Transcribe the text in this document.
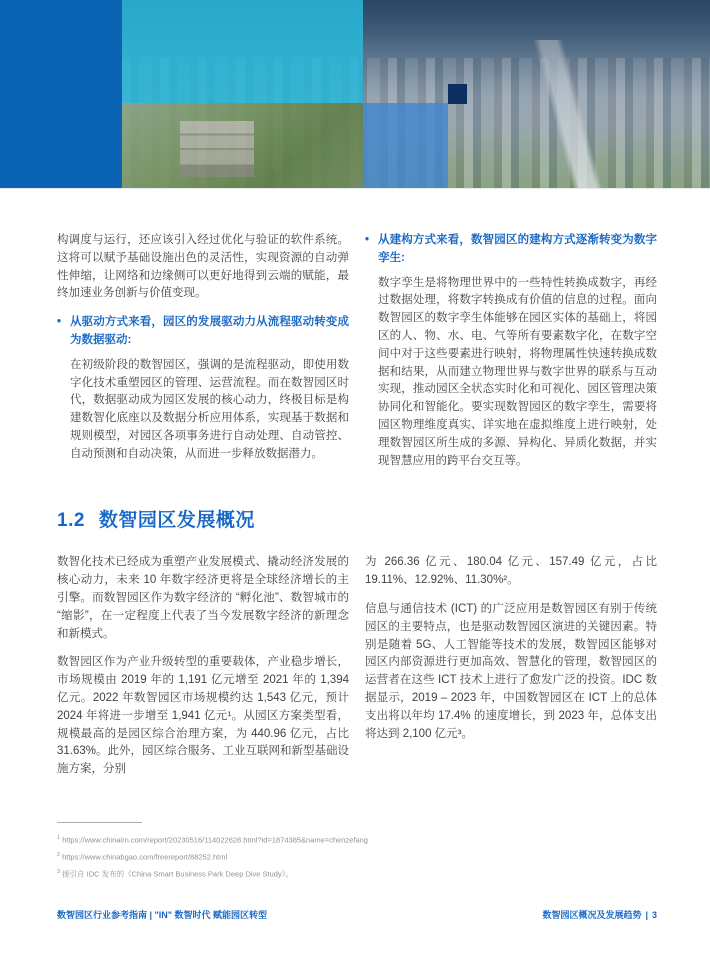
构调度与运行，还应该引入经过优化与验证的软件系统。这将可以赋予基础设施出色的灵活性，实现资源的自动弹性伸缩，让网络和边缘侧可以更好地得到云端的赋能，最终加速业务创新与价值变现。

• 从驱动方式来看，园区的发展驱动力从流程驱动转变成为数据驱动:

在初级阶段的数智园区，强调的是流程驱动，即使用数字化技术重塑园区的管理、运营流程。而在数智园区时代，数据驱动成为园区发展的核心动力，终极目标是构建数智化底座以及数据分析应用体系，实现基于数据和规则模型，对园区各项事务进行自动处理、自动管控、自动预测和自动决策，从而进一步释放数据潜力。

• 从建构方式来看，数智园区的建构方式逐渐转变为数字孪生:

数字孪生是将物理世界中的一些特性转换成数字，再经过数据处理，将数字转换成有价值的信息的过程。面向数智园区的数字孪生体能够在园区实体的基础上，将园区的人、物、水、电、气等所有要素数字化，在数字空间中对于这些要素进行映射，将物理属性快速转换成数据和结果，从而建立物理世界与数字世界的联系与互动实现，推动园区全状态实时化和可视化、园区管理决策协同化和智能化。要实现数智园区的数字孪生，需要将园区物理维度真实、详实地在虚拟维度上进行映射，处理数智园区所生成的多源、异构化、异质化数据，并实现智慧应用的跨平台交互等。

1.2 数智园区发展概况

数智化技术已经成为重塑产业发展模式、撬动经济发展的核心动力，未来 10 年数字经济更将是全球经济增长的主引擎。而数智园区作为数字经济的 “孵化池”、数智城市的 “缩影”，在一定程度上代表了当今发展数字经济的新理念和新模式。

数智园区作为产业升级转型的重要载体，产业稳步增长，市场规模由 2019 年的 1,191 亿元增至 2021 年的 1,394 亿元。2022 年数智园区市场规模约达 1,543 亿元，预计 2024 年将进一步增至 1,941 亿元¹。从园区方案类型看，规模最高的是园区综合治理方案，为 440.96 亿元，占比 31.63%。此外，园区综合服务、工业互联网和新型基础设施方案，分别

为 266.36 亿元、180.04 亿元、157.49 亿元，占比 19.11%、12.92%、11.30%²。

信息与通信技术 (ICT) 的广泛应用是数智园区有别于传统园区的主要特点，也是驱动数智园区演进的关键因素。特别是随着 5G、人工智能等技术的发展，数智园区能够对园区内部资源进行更加高效、智慧化的管理，数智园区的运营者在这些 ICT 技术上进行了愈发广泛的投资。IDC 数据显示，2019 – 2023 年，中国数智园区在 ICT 上的总体支出将以年均 17.4% 的速度增长，到 2023 年，总体支出将达到 2,100 亿元³。

$^1$ https://www.chinairn.com/report/20230516/114022628.html?id=1874385&name=chenzefang
$^2$ https://www.chinabgao.com/freereport/88252.html
$^3$ 援引自 IDC 发布的《China Smart Business Park Deep Dive Study》。
数智园区行业参考指南 | "IN" 数智时代 赋能园区转型	数智园区概况及发展趋势 | 3
